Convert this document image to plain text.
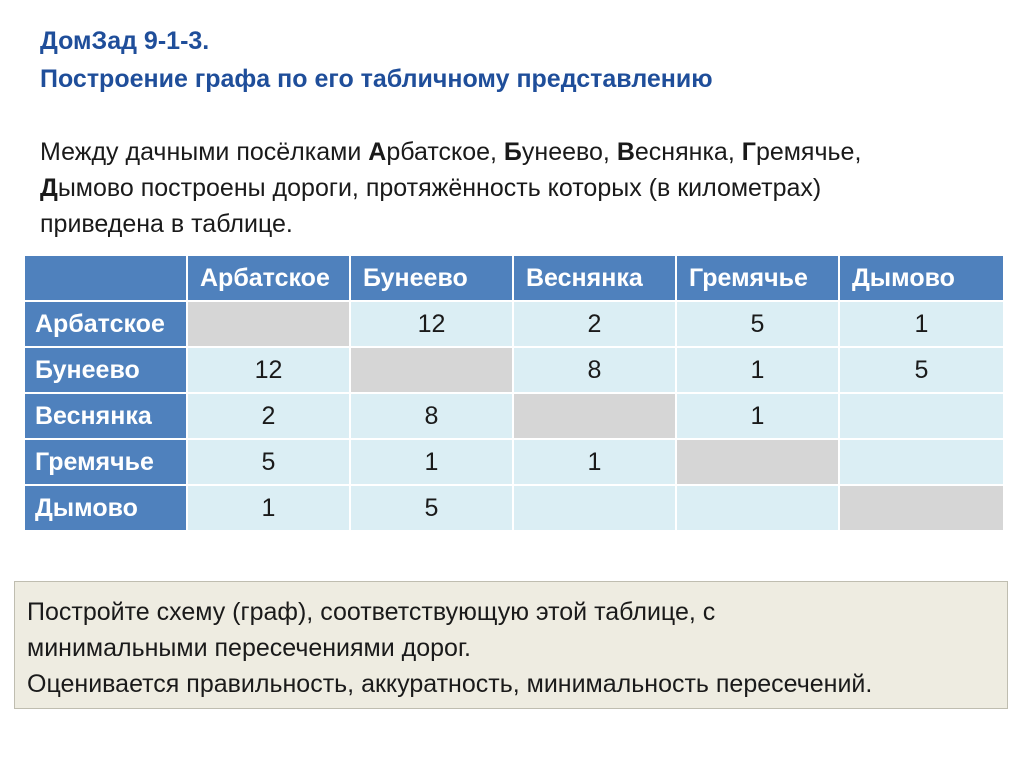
ДомЗад 9-1-3.
Построение графа по его табличному представлению
Между дачными посёлками Арбатское, Бунеево, Веснянка, Гремячье,
Дымово построены дороги, протяжённость которых (в километрах)
приведена в таблице.
	Арбатское	Бунеево	Веснянка	Гремячье	Дымово
Арбатское		12	2	5	1
Бунеево	12		8	1	5
Веснянка	2	8		1	
Гремячье	5	1	1		
Дымово	1	5			
Постройте схему (граф), соответствующую этой таблице, с
минимальными пересечениями дорог.
Оценивается правильность, аккуратность, минимальность пересечений.
